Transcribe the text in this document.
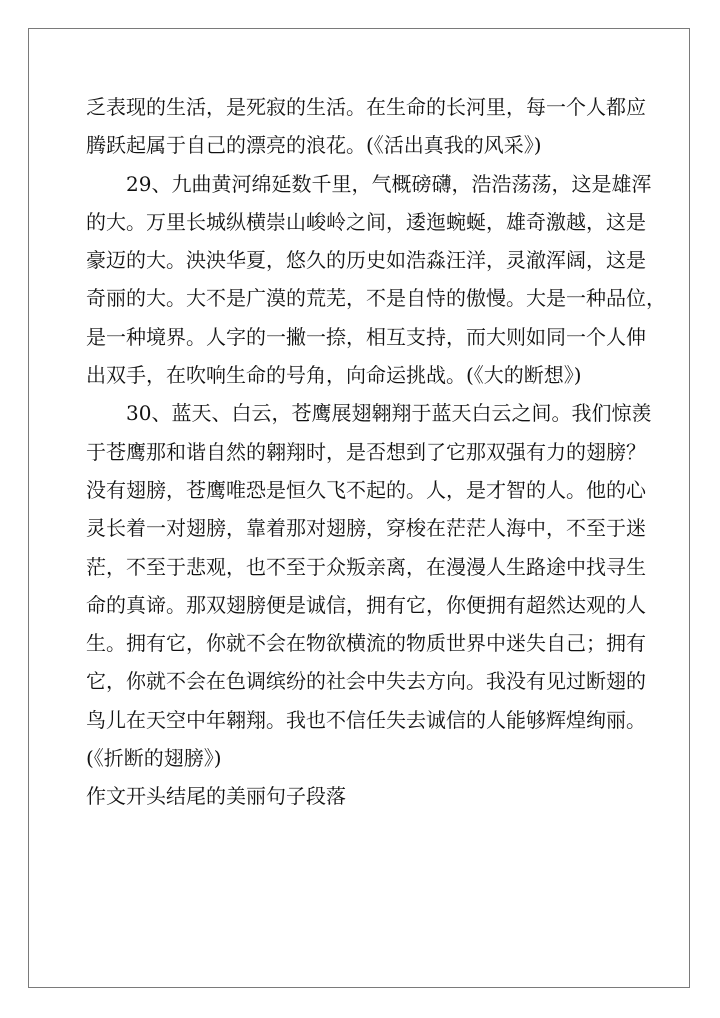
乏表现的生活，是死寂的生活。在生命的长河里，每一个人都应
腾跃起属于自己的漂亮的浪花。(《活出真我的风采》)
29、九曲黄河绵延数千里，气概磅礴，浩浩荡荡，这是雄浑
的大。万里长城纵横崇山峻岭之间，逶迤蜿蜒，雄奇激越，这是
豪迈的大。泱泱华夏，悠久的历史如浩淼汪洋，灵澈浑阔，这是
奇丽的大。大不是广漠的荒芜，不是自恃的傲慢。大是一种品位，
是一种境界。人字的一撇一捺，相互支持，而大则如同一个人伸
出双手，在吹响生命的号角，向命运挑战。(《大的断想》)
30、蓝天、白云，苍鹰展翅翱翔于蓝天白云之间。我们惊羡
于苍鹰那和谐自然的翱翔时，是否想到了它那双强有力的翅膀？
没有翅膀，苍鹰唯恐是恒久飞不起的。人，是才智的人。他的心
灵长着一对翅膀，靠着那对翅膀，穿梭在茫茫人海中，不至于迷
茫，不至于悲观，也不至于众叛亲离，在漫漫人生路途中找寻生
命的真谛。那双翅膀便是诚信，拥有它，你便拥有超然达观的人
生。拥有它，你就不会在物欲横流的物质世界中迷失自己；拥有
它，你就不会在色调缤纷的社会中失去方向。我没有见过断翅的
鸟儿在天空中年翱翔。我也不信任失去诚信的人能够辉煌绚丽。
(《折断的翅膀》)
作文开头结尾的美丽句子段落
